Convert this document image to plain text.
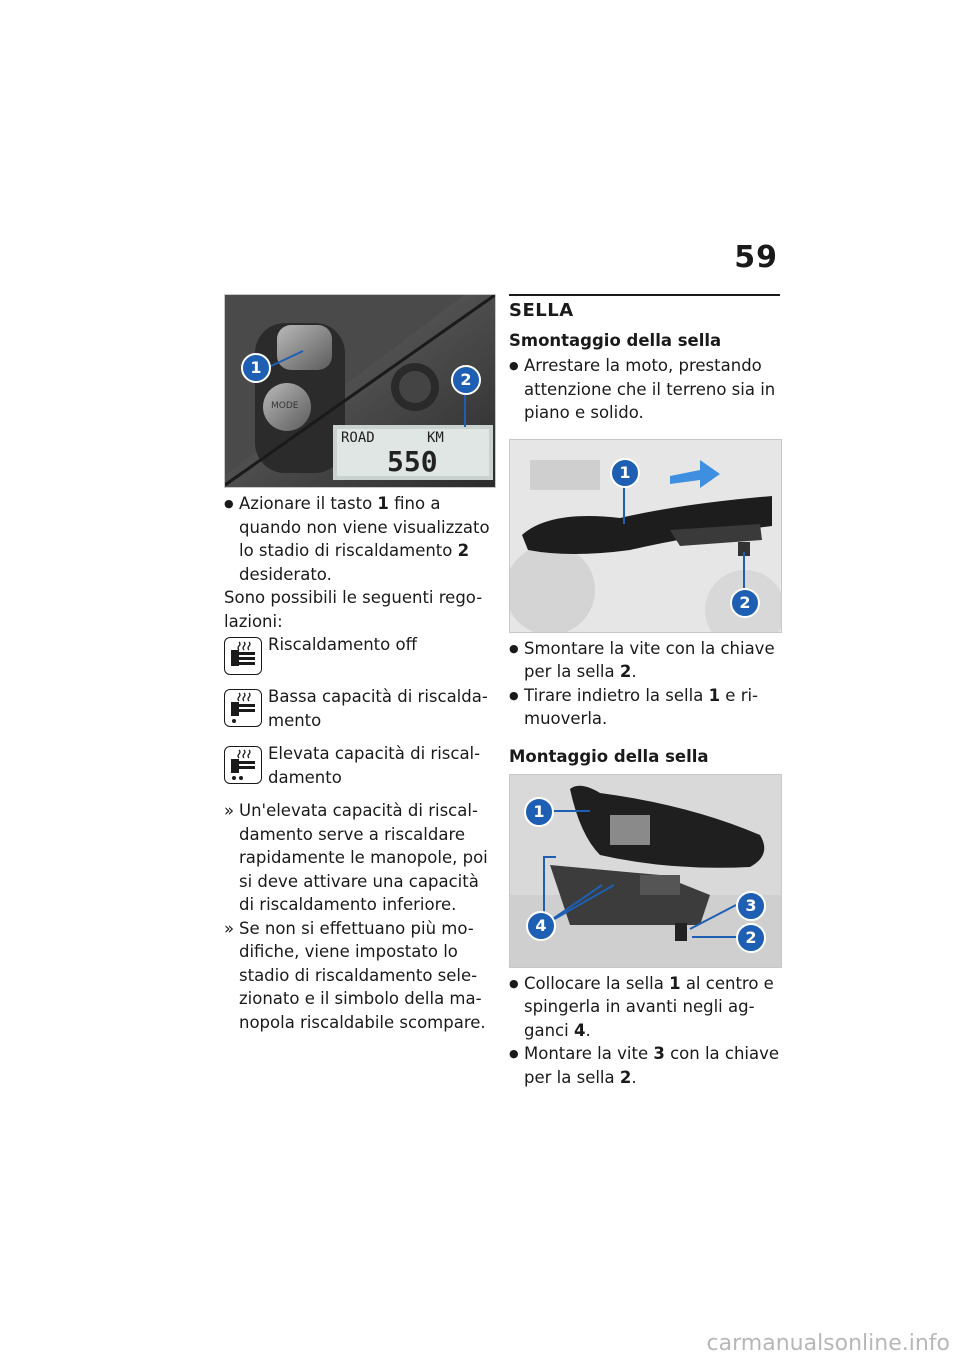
59
ROAD	KM
550
MODE
1
2

● Azionare il tasto 1 fino a quando non viene visualizzato lo stadio di riscaldamento 2 desiderato.

Sono possibili le seguenti rego-lazioni:

Riscaldamento off
Bassa capacità di riscalda-mento
Elevata capacità di riscal-damento

» Un'elevata capacità di riscal-damento serve a riscaldare rapidamente le manopole, poi si deve attivare una capacità di riscaldamento inferiore.

» Se non si effettuano più mo-difiche, viene impostato lo stadio di riscaldamento sele-zionato e il simbolo della ma-nopola riscaldabile scompare.

SELLA
Smontaggio della sella

● Arrestare la moto, prestando attenzione che il terreno sia in piano e solido.

1
2

● Smontare la vite con la chiave per la sella 2.

● Tirare indietro la sella 1 e ri-muoverla.

Montaggio della sella
1
4
3
2

● Collocare la sella 1 al centro e spingerla in avanti negli ag-ganci 4.

● Montare la vite 3 con la chiave per la sella 2.

carmanualsonline.info
